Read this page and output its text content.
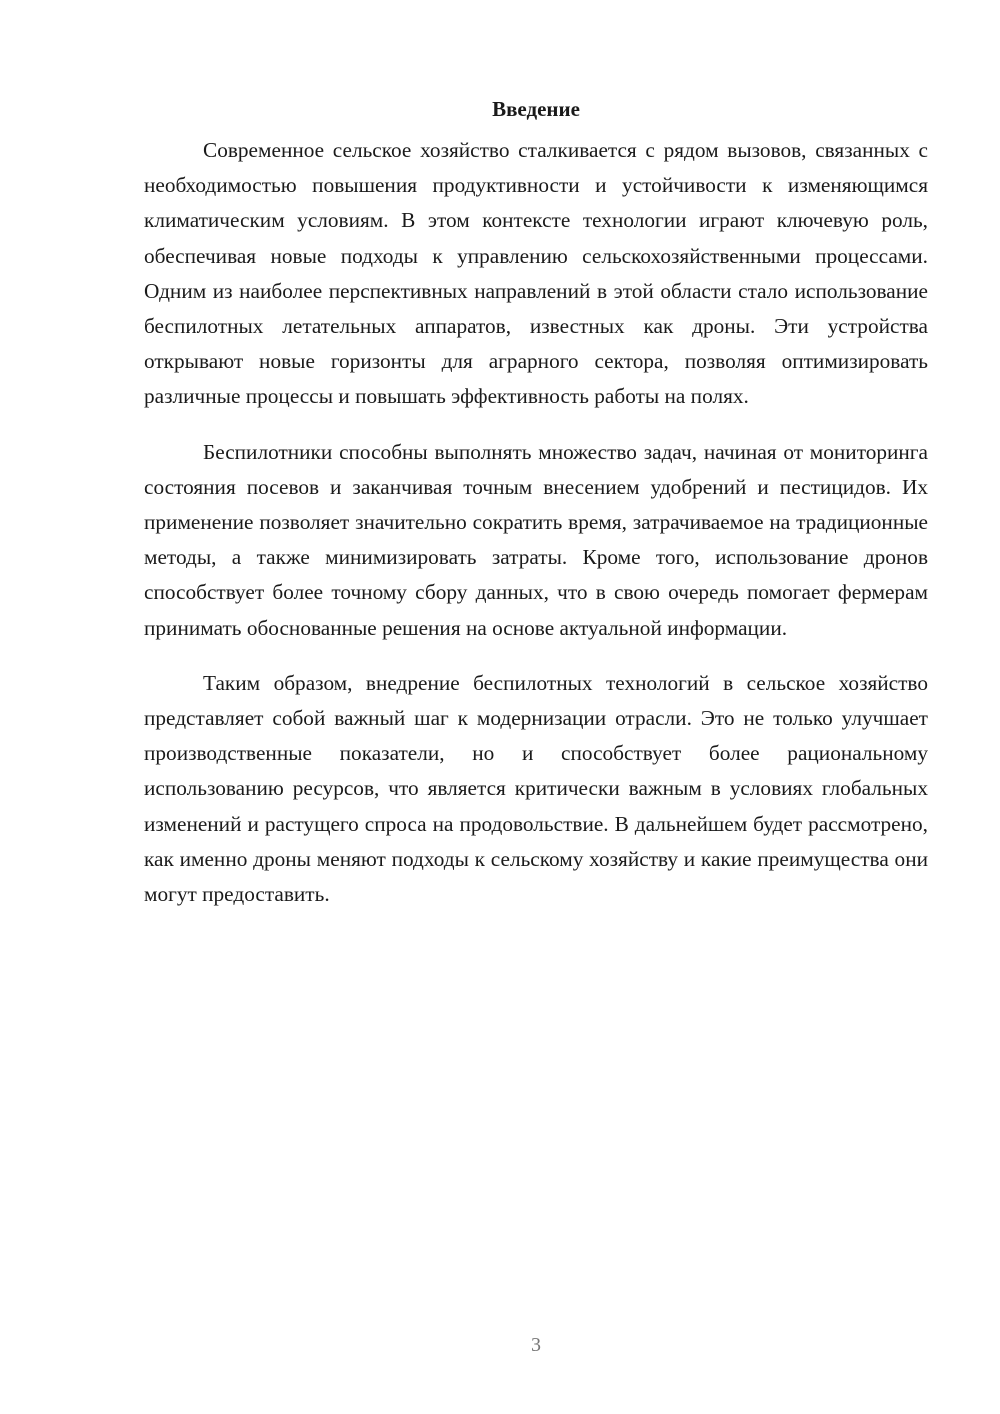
Введение

Современное сельское хозяйство сталкивается с рядом вызовов, связанных с необходимостью повышения продуктивности и устойчивости к изменяющимся климатическим условиям. В этом контексте технологии играют ключевую роль, обеспечивая новые подходы к управлению сельскохозяйственными процессами. Одним из наиболее перспективных направлений в этой области стало использование беспилотных летательных аппаратов, известных как дроны. Эти устройства открывают новые горизонты для аграрного сектора, позволяя оптимизировать различные процессы и повышать эффективность работы на полях.

Беспилотники способны выполнять множество задач, начиная от мониторинга состояния посевов и заканчивая точным внесением удобрений и пестицидов. Их применение позволяет значительно сократить время, затрачиваемое на традиционные методы, а также минимизировать затраты. Кроме того, использование дронов способствует более точному сбору данных, что в свою очередь помогает фермерам принимать обоснованные решения на основе актуальной информации.

Таким образом, внедрение беспилотных технологий в сельское хозяйство представляет собой важный шаг к модернизации отрасли. Это не только улучшает производственные показатели, но и способствует более рациональному использованию ресурсов, что является критически важным в условиях глобальных изменений и растущего спроса на продовольствие. В дальнейшем будет рассмотрено, как именно дроны меняют подходы к сельскому хозяйству и какие преимущества они могут предоставить.

3
